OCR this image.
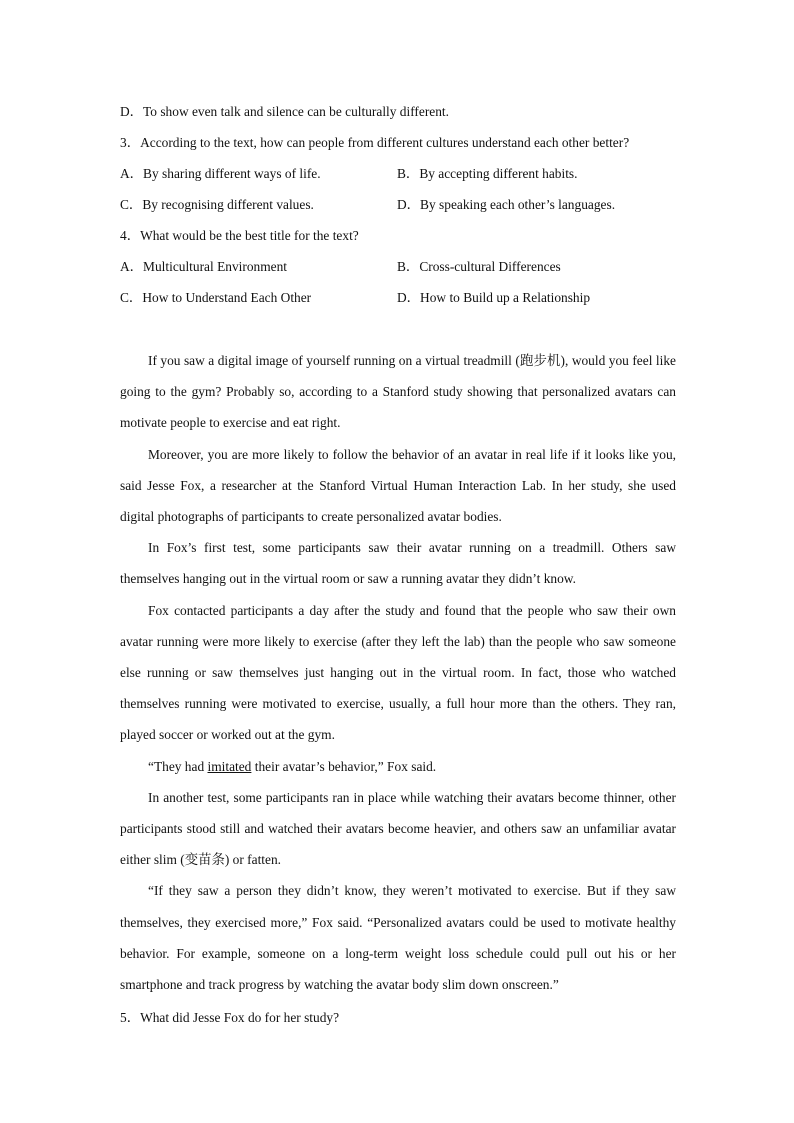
D．To show even talk and silence can be culturally different.
3．According to the text, how can people from different cultures understand each other better?
A．By sharing different ways of life.	B．By accepting different habits.
C．By recognising different values.	D．By speaking each other’s languages.
4．What would be the best title for the text?
A．Multicultural Environment	B．Cross-cultural Differences
C．How to Understand Each Other	D．How to Build up a Relationship

If you saw a digital image of yourself running on a virtual treadmill (跑步机), would you feel like going to the gym? Probably so, according to a Stanford study showing that personalized avatars can motivate people to exercise and eat right.

Moreover, you are more likely to follow the behavior of an avatar in real life if it looks like you, said Jesse Fox, a researcher at the Stanford Virtual Human Interaction Lab. In her study, she used digital photographs of participants to create personalized avatar bodies.

In Fox’s first test, some participants saw their avatar running on a treadmill. Others saw themselves hanging out in the virtual room or saw a running avatar they didn’t know.

Fox contacted participants a day after the study and found that the people who saw their own avatar running were more likely to exercise (after they left the lab) than the people who saw someone else running or saw themselves just hanging out in the virtual room. In fact, those who watched themselves running were motivated to exercise, usually, a full hour more than the others. They ran, played soccer or worked out at the gym.

“They had imitated their avatar’s behavior,” Fox said.

In another test, some participants ran in place while watching their avatars become thinner, other participants stood still and watched their avatars become heavier, and others saw an unfamiliar avatar either slim (变苗条) or fatten.

“If they saw a person they didn’t know, they weren’t motivated to exercise. But if they saw themselves, they exercised more,” Fox said. “Personalized avatars could be used to motivate healthy behavior. For example, someone on a long-term weight loss schedule could pull out his or her smartphone and track progress by watching the avatar body slim down onscreen.”

5．What did Jesse Fox do for her study?
